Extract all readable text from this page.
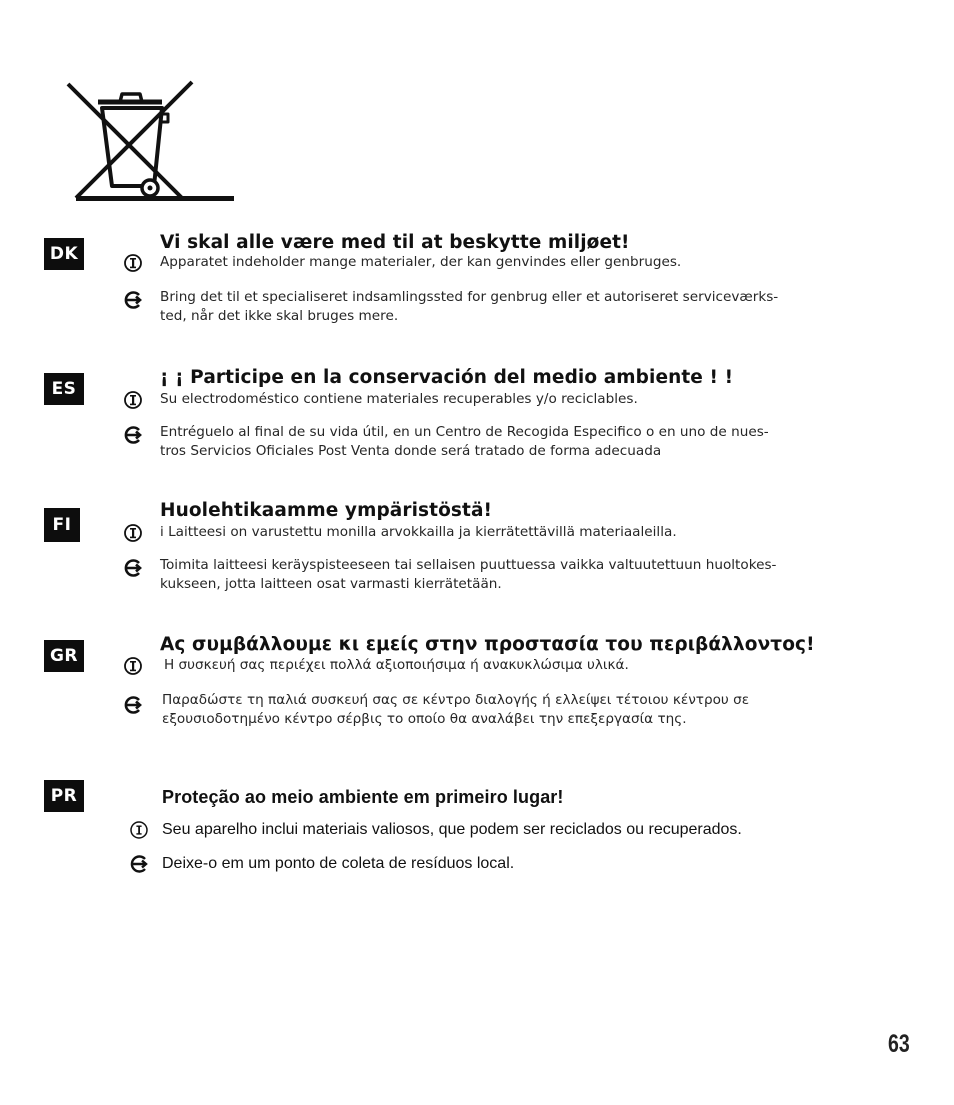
DK
Vi skal alle være med til at beskytte miljøet!
Apparatet indeholder mange materialer, der kan genvindes eller genbruges.
Bring det til et specialiseret indsamlingssted for genbrug eller et autoriseret serviceværks-
ted, når det ikke skal bruges mere.
ES
¡ ¡ Participe en la conservación del medio ambiente ! !
Su electrodoméstico contiene materiales recuperables y/o reciclables.
Entréguelo al final de su vida útil, en un Centro de Recogida Especifico o en uno de nues-
tros Servicios Oficiales Post Venta donde será tratado de forma adecuada
FI
Huolehtikaamme ympäristöstä!
i Laitteesi on varustettu monilla arvokkailla ja kierrätettävillä materiaaleilla.
Toimita laitteesi keräyspisteeseen tai sellaisen puuttuessa vaikka valtuutettuun huoltokes-
kukseen, jotta laitteen osat varmasti kierrätetään.
GR
Ας συμβάλλουμε κι εμείς στην προστασία του περιβάλλοντος!
Η συσκευή σας περιέχει πολλά αξιοποιήσιμα ή ανακυκλώσιμα υλικά.
Παραδώστε τη παλιά συσκευή σας σε κέντρο διαλογής ή ελλείψει τέτοιου κέντρου σε
εξουσιοδοτημένο κέντρο σέρβις το οποίο θα αναλάβει την επεξεργασία της.
PR	Proteção ao meio ambiente em primeiro lugar!
Seu aparelho inclui materiais valiosos, que podem ser reciclados ou recuperados.
Deixe-o em um ponto de coleta de resíduos local.
63
